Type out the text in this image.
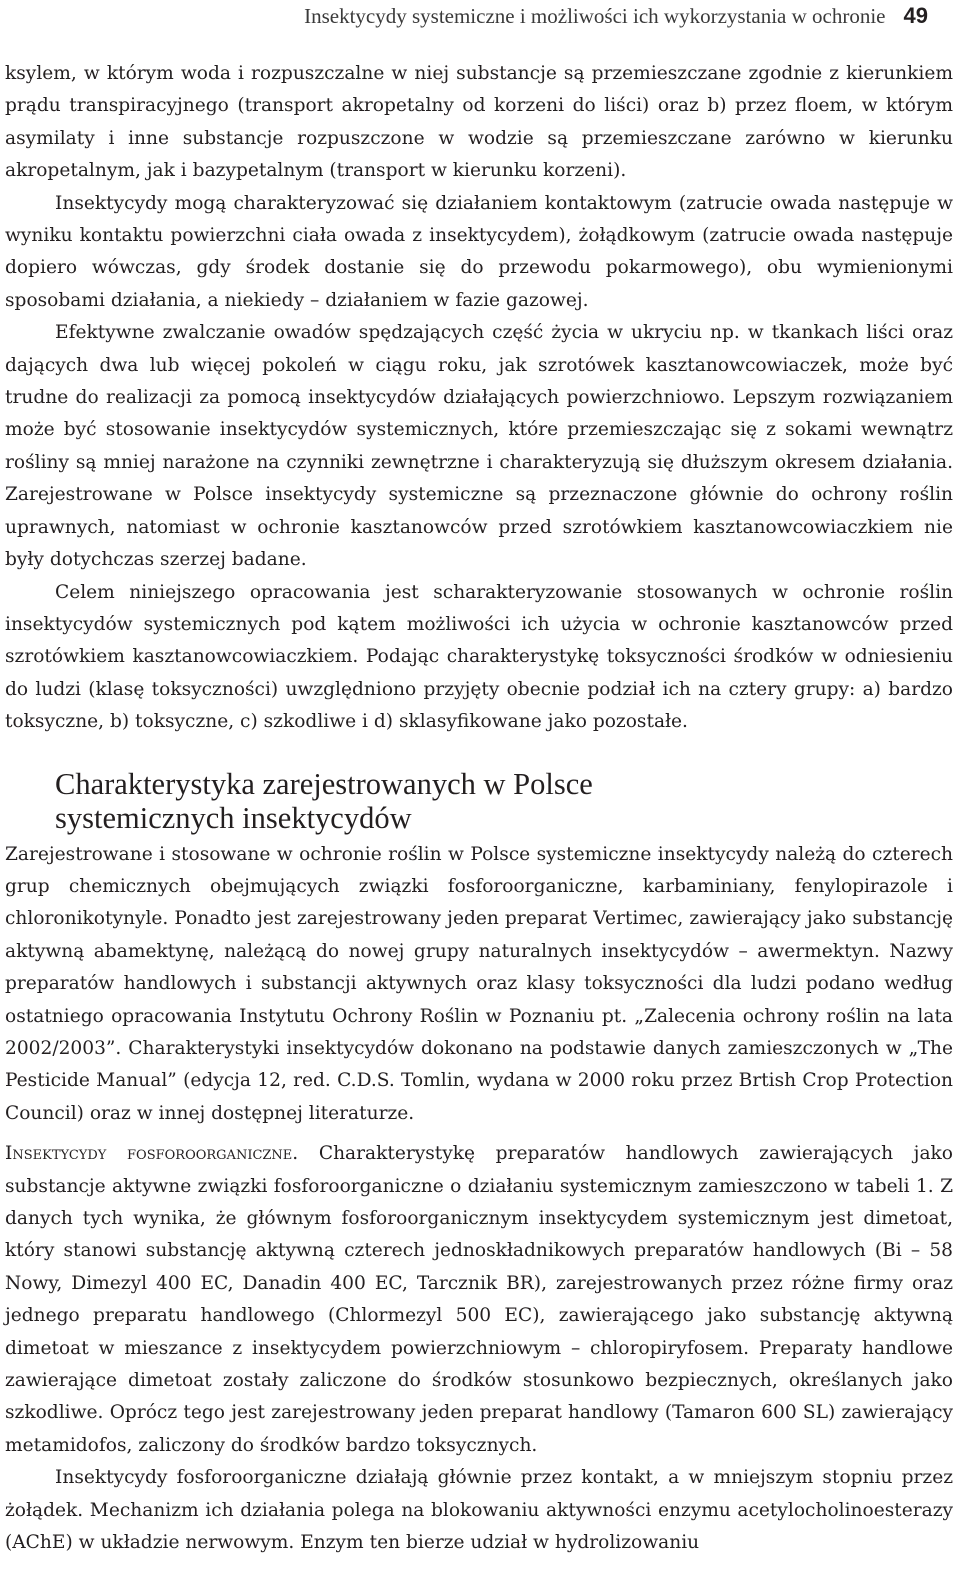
Insektycydy systemiczne i możliwości ich wykorzystania w ochronie 49

ksylem, w którym woda i rozpuszczalne w niej substancje są przemieszczane zgodnie z kierunkiem prądu transpiracyjnego (transport akropetalny od korzeni do liści) oraz b) przez floem, w którym asymilaty i inne substancje rozpuszczone w wodzie są przemieszczane zarówno w kierunku akropetalnym, jak i bazypetalnym (transport w kierunku korzeni).

Insektycydy mogą charakteryzować się działaniem kontaktowym (zatrucie owada następuje w wyniku kontaktu powierzchni ciała owada z insektycydem), żołądkowym (zatrucie owada następuje dopiero wówczas, gdy środek dostanie się do przewodu pokarmowego), obu wymienionymi sposobami działania, a niekiedy – działaniem w fazie gazowej.

Efektywne zwalczanie owadów spędzających część życia w ukryciu np. w tkankach liści oraz dających dwa lub więcej pokoleń w ciągu roku, jak szrotówek kasztanowcowiaczek, może być trudne do realizacji za pomocą insektycydów działających powierzchniowo. Lepszym rozwiązaniem może być stosowanie insektycydów systemicznych, które przemieszczając się z sokami wewnątrz rośliny są mniej narażone na czynniki zewnętrzne i charakteryzują się dłuższym okresem działania. Zarejestrowane w Polsce insektycydy systemiczne są przeznaczone głównie do ochrony roślin uprawnych, natomiast w ochronie kasztanowców przed szrotówkiem kasztanowcowiaczkiem nie były dotychczas szerzej badane.

Celem niniejszego opracowania jest scharakteryzowanie stosowanych w ochronie roślin insektycydów systemicznych pod kątem możliwości ich użycia w ochronie kasztanowców przed szrotówkiem kasztanowcowiaczkiem. Podając charakterystykę toksyczności środków w odniesieniu do ludzi (klasę toksyczności) uwzględniono przyjęty obecnie podział ich na cztery grupy: a) bardzo toksyczne, b) toksyczne, c) szkodliwe i d) sklasyfikowane jako pozostałe.

Charakterystyka zarejestrowanych w Polsce
systemicznych insektycydów

Zarejestrowane i stosowane w ochronie roślin w Polsce systemiczne insektycydy należą do czterech grup chemicznych obejmujących związki fosforoorganiczne, karbaminiany, fenylopirazole i chloronikotynyle. Ponadto jest zarejestrowany jeden preparat Vertimec, zawierający jako substancję aktywną abamektynę, należącą do nowej grupy naturalnych insektycydów – awermektyn. Nazwy preparatów handlowych i substancji aktywnych oraz klasy toksyczności dla ludzi podano według ostatniego opracowania Instytutu Ochrony Roślin w Poznaniu pt. „Zalecenia ochrony roślin na lata 2002/2003”. Charakterystyki insektycydów dokonano na podstawie danych zamieszczonych w „The Pesticide Manual” (edycja 12, red. C.D.S. Tomlin, wydana w 2000 roku przez Brtish Crop Protection Council) oraz w innej dostępnej literaturze.

Insektycydy fosforoorganiczne. Charakterystykę preparatów handlowych zawierających jako substancje aktywne związki fosforoorganiczne o działaniu systemicznym zamieszczono w tabeli 1. Z danych tych wynika, że głównym fosforoorganicznym insektycydem systemicznym jest dimetoat, który stanowi substancję aktywną czterech jednoskładnikowych preparatów handlowych (Bi – 58 Nowy, Dimezyl 400 EC, Danadin 400 EC, Tarcznik BR), zarejestrowanych przez różne firmy oraz jednego preparatu handlowego (Chlormezyl 500 EC), zawierającego jako substancję aktywną dimetoat w mieszance z insektycydem powierzchniowym – chloropiryfosem. Preparaty handlowe zawierające dimetoat zostały zaliczone do środków stosunkowo bezpiecznych, określanych jako szkodliwe. Oprócz tego jest zarejestrowany jeden preparat handlowy (Tamaron 600 SL) zawierający metamidofos, zaliczony do środków bardzo toksycznych.

Insektycydy fosforoorganiczne działają głównie przez kontakt, a w mniejszym stopniu przez żołądek. Mechanizm ich działania polega na blokowaniu aktywności enzymu acetylocholinoesterazy (AChE) w układzie nerwowym. Enzym ten bierze udział w hydrolizowaniu
